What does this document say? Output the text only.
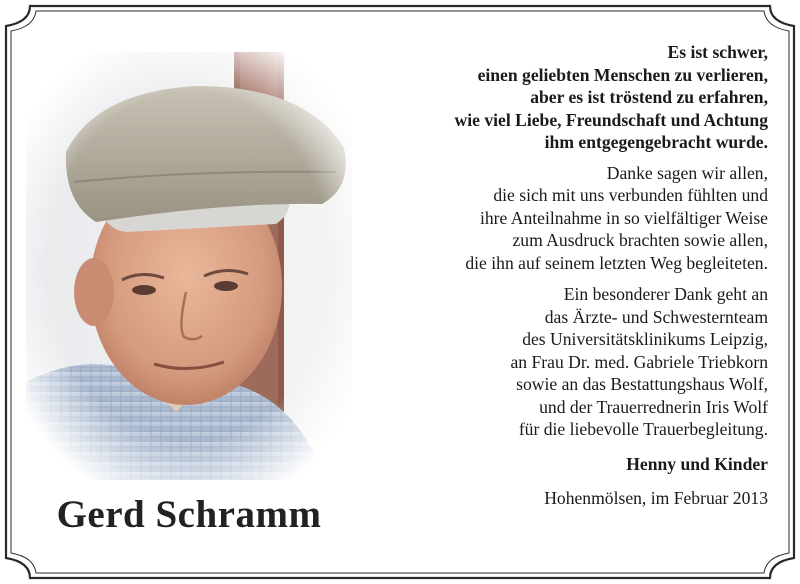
Gerd Schramm
Es ist schwer,
einen geliebten Menschen zu verlieren,
aber es ist tröstend zu erfahren,
wie viel Liebe, Freundschaft und Achtung
ihm entgegengebracht wurde.
Danke sagen wir allen,
die sich mit uns verbunden fühlten und
ihre Anteilnahme in so vielfältiger Weise
zum Ausdruck brachten sowie allen,
die ihn auf seinem letzten Weg begleiteten.
Ein besonderer Dank geht an
das Ärzte- und Schwesternteam
des Universitätsklinikums Leipzig,
an Frau Dr. med. Gabriele Triebkorn
sowie an das Bestattungshaus Wolf,
und der Trauerrednerin Iris Wolf
für die liebevolle Trauerbegleitung.
Henny und Kinder
Hohenmölsen, im Februar 2013
